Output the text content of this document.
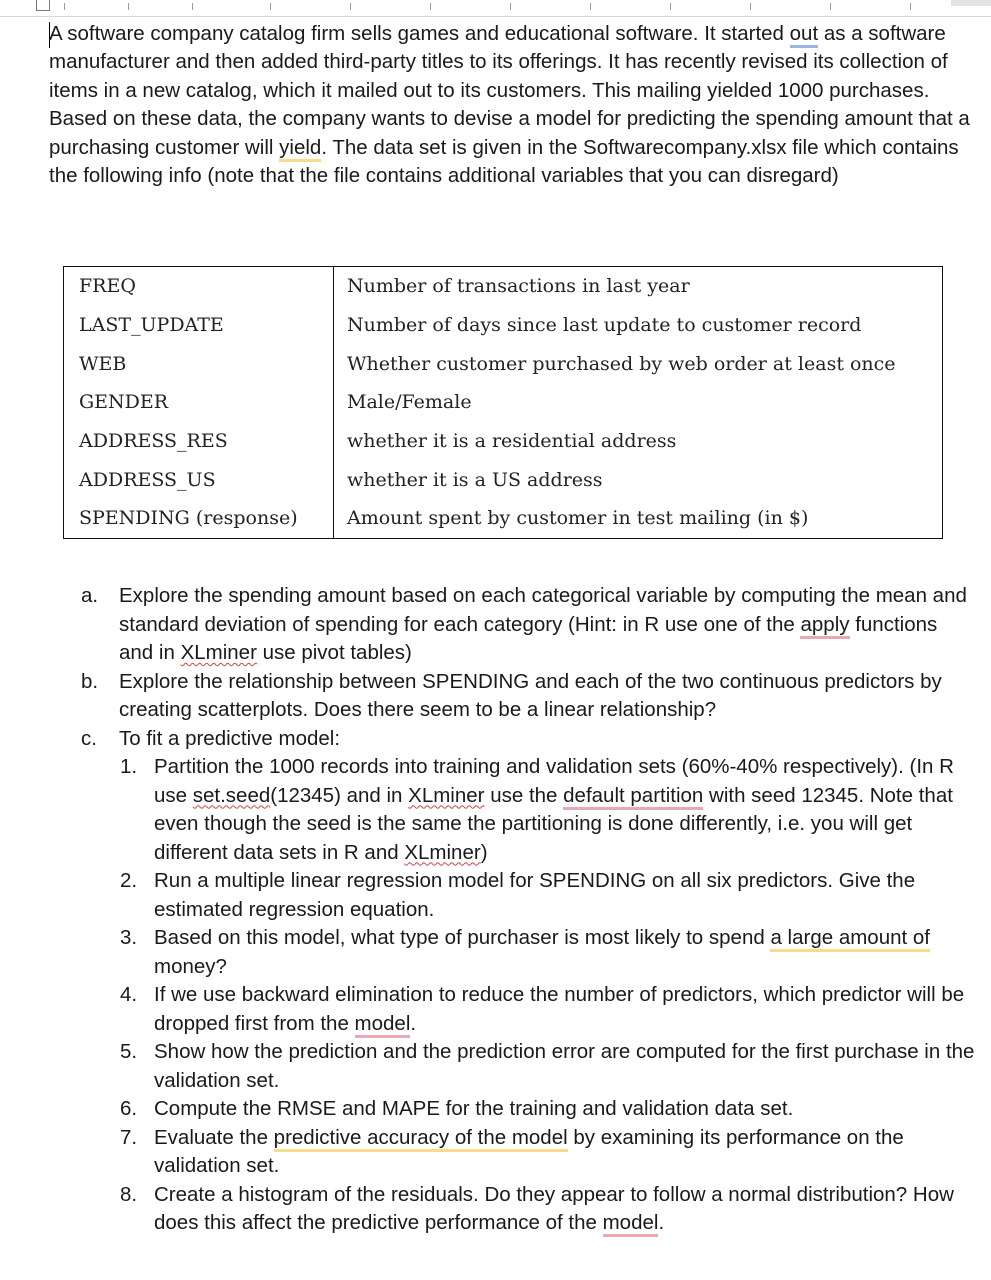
A software company catalog firm sells games and educational software. It started out as a software manufacturer and then added third-party titles to its offerings. It has recently revised its collection of items in a new catalog, which it mailed out to its customers. This mailing yielded 1000 purchases. Based on these data, the company wants to devise a model for predicting the spending amount that a purchasing customer will yield. The data set is given in the Softwarecompany.xlsx file which contains the following info (note that the file contains additional variables that you can disregard)

FREQ	Number of transactions in last year
LAST_UPDATE	Number of days since last update to customer record
WEB	Whether customer purchased by web order at least once
GENDER	Male/Female
ADDRESS_RES	whether it is a residential address
ADDRESS_US	whether it is a US address
SPENDING (response)	Amount spent by customer in test mailing (in $)
a. Explore the spending amount based on each categorical variable by computing the mean and standard deviation of spending for each category (Hint: in R use one of the apply functions
and in XLminer use pivot tables)
b. Explore the relationship between SPENDING and each of the two continuous predictors by creating scatterplots. Does there seem to be a linear relationship?
c. To fit a predictive model:
1. Partition the 1000 records into training and validation sets (60%-40% respectively). (In R use set.seed(12345) and in XLminer use the default partition with seed 12345. Note that even though the seed is the same the partitioning is done differently, i.e. you will get different data sets in R and XLminer)
2. Run a multiple linear regression model for SPENDING on all six predictors. Give the estimated regression equation.
3. Based on this model, what type of purchaser is most likely to spend a large amount of money?
4. If we use backward elimination to reduce the number of predictors, which predictor will be dropped first from the model.
5. Show how the prediction and the prediction error are computed for the first purchase in the validation set.
6. Compute the RMSE and MAPE for the training and validation data set.
7. Evaluate the predictive accuracy of the model by examining its performance on the validation set.
8. Create a histogram of the residuals. Do they appear to follow a normal distribution? How does this affect the predictive performance of the model.
